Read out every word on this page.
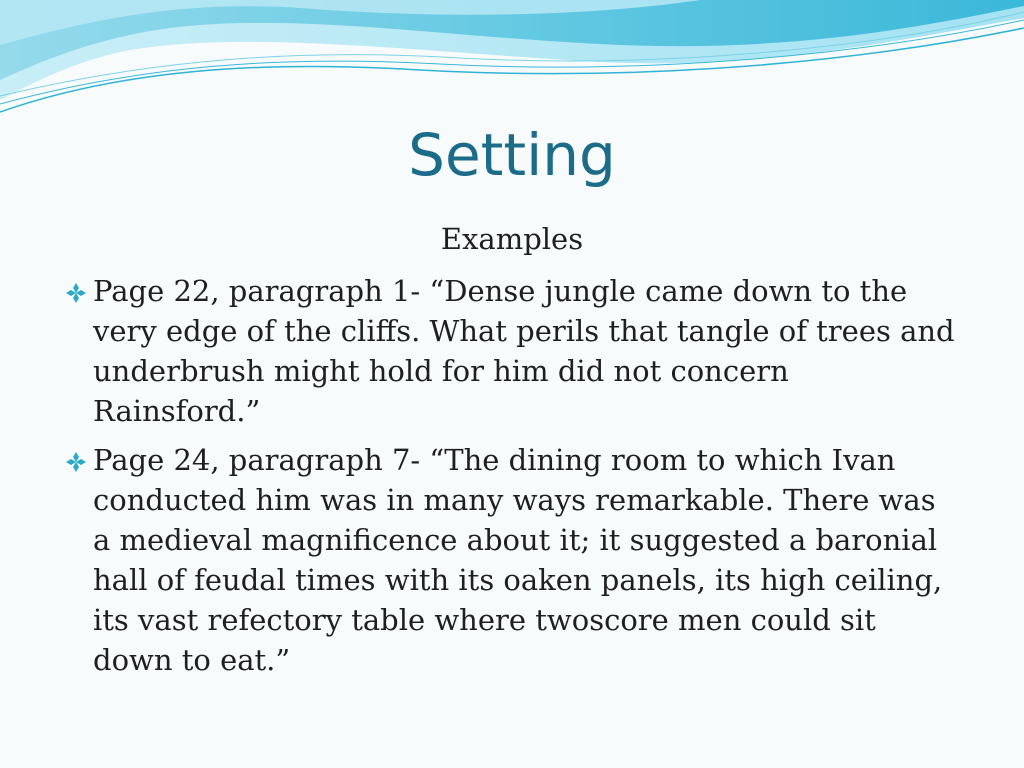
Setting
Examples
Page 22, paragraph 1- “Dense jungle came down to the very edge of the cliffs. What perils that tangle of trees and underbrush might hold for him did not concern Rainsford.”
Page 24, paragraph 7- “The dining room to which Ivan conducted him was in many ways remarkable. There was a medieval magnificence about it; it suggested a baronial hall of feudal times with its oaken panels, its high ceiling, its vast refectory table where twoscore men could sit down to eat.”
